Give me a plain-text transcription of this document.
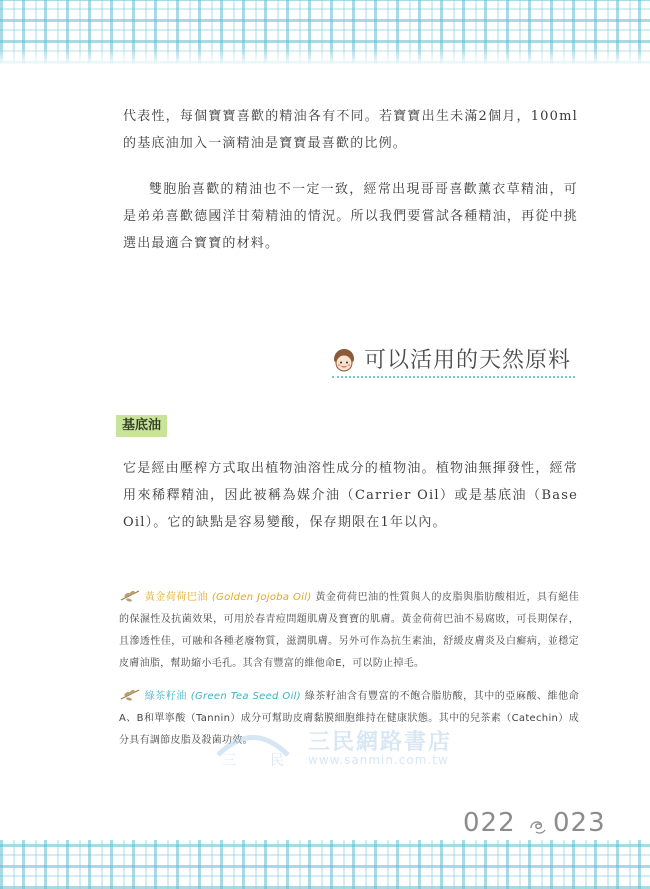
代表性，每個寶寶喜歡的精油各有不同。若寶寶出生未滿2個月，100ml的基底油加入一滴精油是寶寶最喜歡的比例。

雙胞胎喜歡的精油也不一定一致，經常出現哥哥喜歡薰衣草精油，可是弟弟喜歡德國洋甘菊精油的情況。所以我們要嘗試各種精油，再從中挑選出最適合寶寶的材料。

可以活用的天然原料
基底油

它是經由壓榨方式取出植物油溶性成分的植物油。植物油無揮發性，經常用來稀釋精油，因此被稱為媒介油（Carrier Oil）或是基底油（Base Oil）。它的缺點是容易變酸，保存期限在1年以內。

黃金荷荷巴油 (Golden Jojoba Oil) 黃金荷荷巴油的性質與人的皮脂與脂肪酸相近，具有絕佳的保濕性及抗菌效果，可用於春青痘問題肌膚及寶寶的肌膚。黃金荷荷巴油不易腐敗，可長期保存，且滲透性佳，可融和各種老廢物質，滋潤肌膚。另外可作為抗生素油，舒緩皮膚炎及白癬病，並穩定皮膚油脂，幫助縮小毛孔。其含有豐富的維他命E，可以防止掉毛。

綠茶籽油 (Green Tea Seed Oil) 綠茶籽油含有豐富的不飽合脂肪酸，其中的亞麻酸、維他命A、B和單寧酸（Tannin）成分可幫助皮膚黏膜細胞維持在健康狀態。其中的兒茶素（Catechin）成分具有調節皮脂及殺菌功效。

三 民
三民網路書店
www.sanmin.com.tw
022 023
